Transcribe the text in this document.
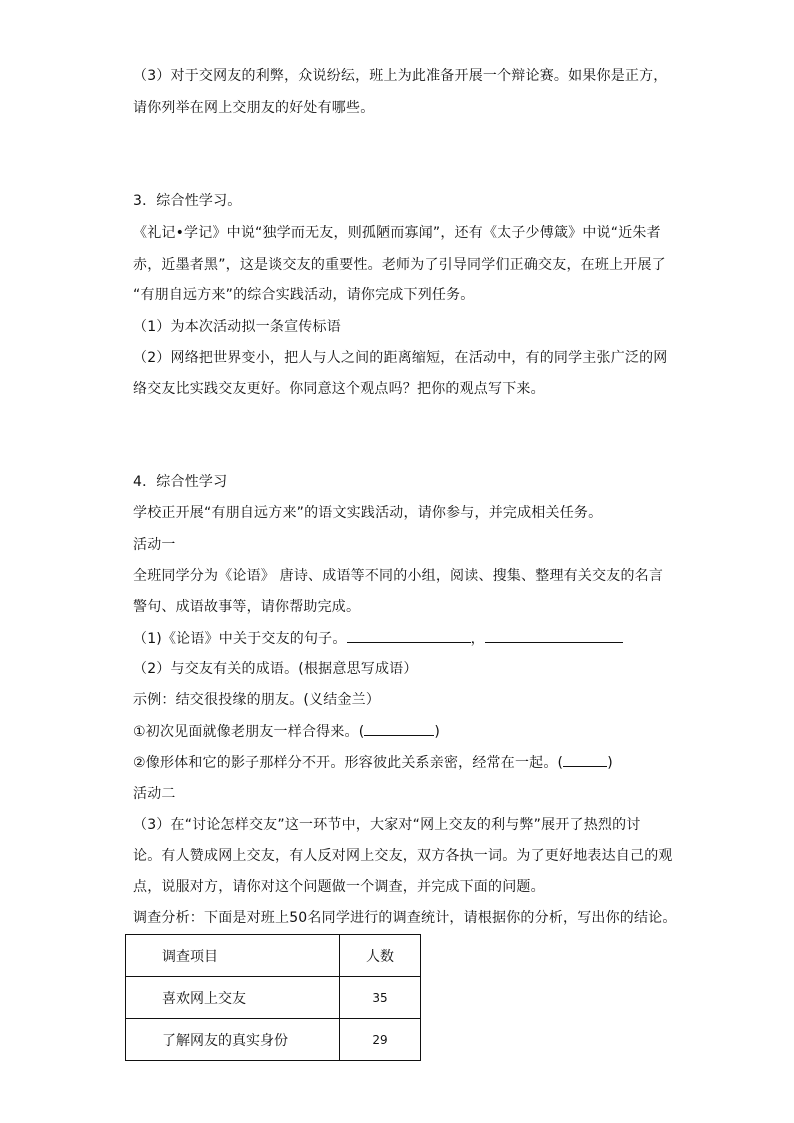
（3）对于交网友的利弊，众说纷纭，班上为此准备开展一个辩论赛。如果你是正方，
请你列举在网上交朋友的好处有哪些。
3．综合性学习。
《礼记•学记》中说“独学而无友，则孤陋而寡闻”，还有《太子少傅箴》中说“近朱者
赤，近墨者黑”，这是谈交友的重要性。老师为了引导同学们正确交友，在班上开展了
“有朋自远方来”的综合实践活动，请你完成下列任务。
（1）为本次活动拟一条宣传标语
（2）网络把世界变小，把人与人之间的距离缩短，在活动中，有的同学主张广泛的网
络交友比实践交友更好。你同意这个观点吗？把你的观点写下来。
4．综合性学习
学校正开展“有朋自远方来”的语文实践活动，请你参与，并完成相关任务。
活动一
全班同学分为《论语》 唐诗、成语等不同的小组，阅读、搜集、整理有关交友的名言
警句、成语故事等，请你帮助完成。
（1)《论语》中关于交友的句子。	，
（2）与交友有关的成语。(根据意思写成语）
示例：结交很投缘的朋友。(义结金兰）
①初次见面就像老朋友一样合得来。(	)
②像形体和它的影子那样分不开。形容彼此关系亲密，经常在一起。(	)
活动二
（3）在“讨论怎样交友”这一环节中，大家对“网上交友的利与弊”展开了热烈的讨
论。有人赞成网上交友，有人反对网上交友，双方各执一词。为了更好地表达自己的观
点，说服对方，请你对这个问题做一个调查，并完成下面的问题。
调查分析：下面是对班上50名同学进行的调查统计，请根据你的分析，写出你的结论。
调查项目	人数
喜欢网上交友	35
了解网友的真实身份	29
